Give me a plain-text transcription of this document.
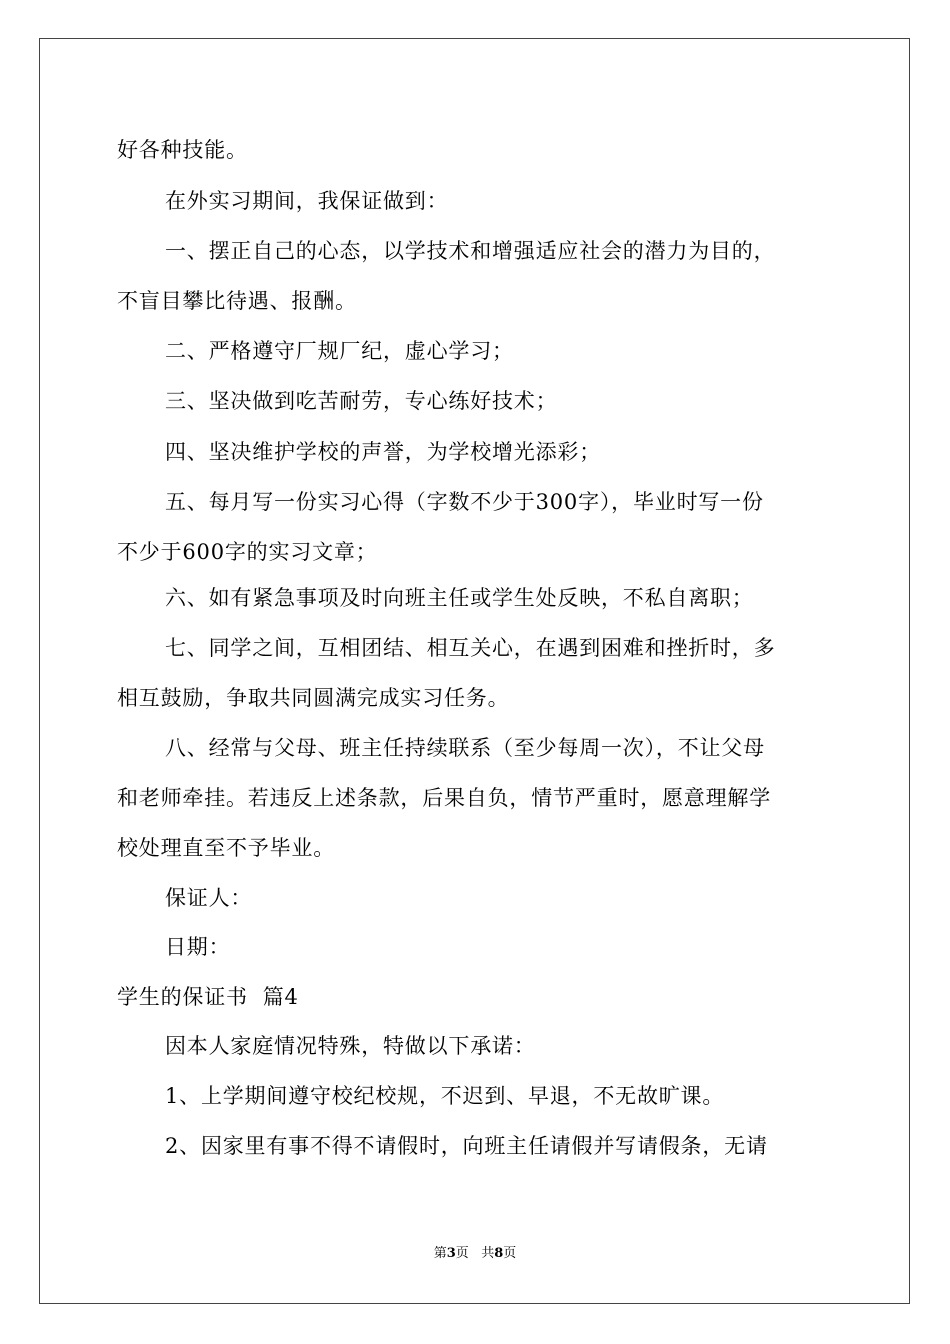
好各种技能。
在外实习期间，我保证做到：
一、摆正自己的心态，以学技术和增强适应社会的潜力为目的，
不盲目攀比待遇、报酬。
二、严格遵守厂规厂纪，虚心学习；
三、坚决做到吃苦耐劳，专心练好技术；
四、坚决维护学校的声誉，为学校增光添彩；
五、每月写一份实习心得（字数不少于300字），毕业时写一份
不少于600字的实习文章；
六、如有紧急事项及时向班主任或学生处反映，不私自离职；
七、同学之间，互相团结、相互关心，在遇到困难和挫折时，多
相互鼓励，争取共同圆满完成实习任务。
八、经常与父母、班主任持续联系（至少每周一次），不让父母
和老师牵挂。若违反上述条款，后果自负，情节严重时，愿意理解学
校处理直至不予毕业。
保证人：
日期：
学生的保证书  篇4
因本人家庭情况特殊，特做以下承诺：
1、上学期间遵守校纪校规，不迟到、早退，不无故旷课。
2、因家里有事不得不请假时，向班主任请假并写请假条，无请
第3页   共8页
